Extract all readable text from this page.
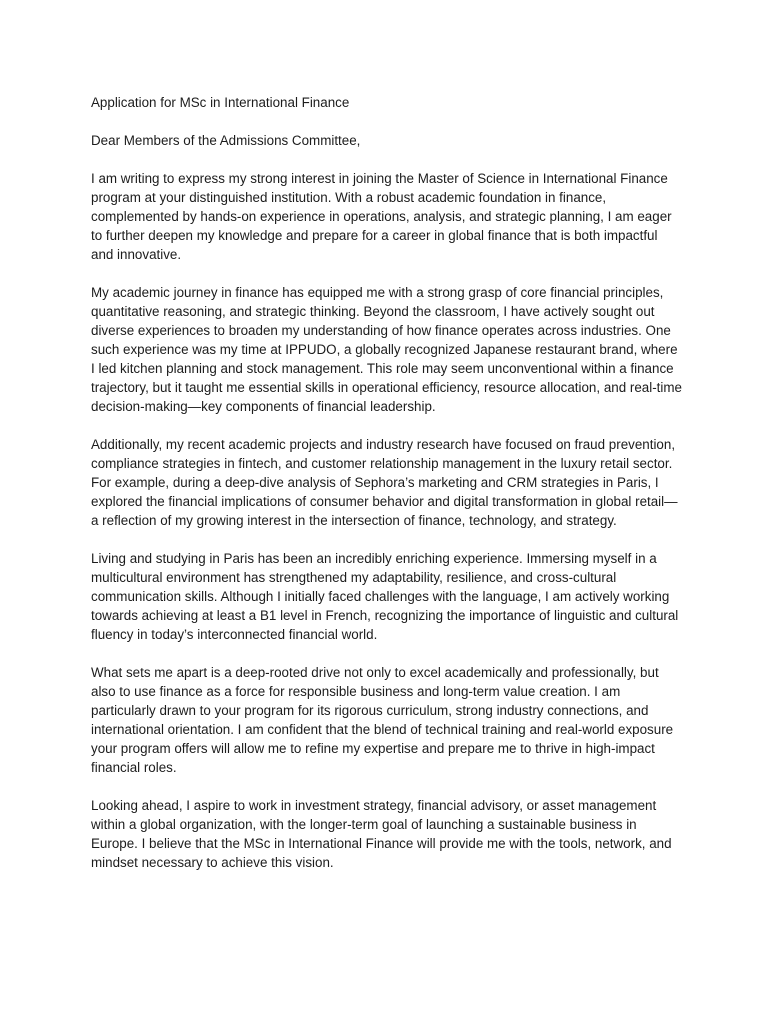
Application for MSc in International Finance

Dear Members of the Admissions Committee,

I am writing to express my strong interest in joining the Master of Science in International Finance program at your distinguished institution. With a robust academic foundation in finance, complemented by hands-on experience in operations, analysis, and strategic planning, I am eager to further deepen my knowledge and prepare for a career in global finance that is both impactful and innovative.

My academic journey in finance has equipped me with a strong grasp of core financial principles, quantitative reasoning, and strategic thinking. Beyond the classroom, I have actively sought out diverse experiences to broaden my understanding of how finance operates across industries. One such experience was my time at IPPUDO, a globally recognized Japanese restaurant brand, where I led kitchen planning and stock management. This role may seem unconventional within a finance trajectory, but it taught me essential skills in operational efficiency, resource allocation, and real-time decision-making—key components of financial leadership.

Additionally, my recent academic projects and industry research have focused on fraud prevention, compliance strategies in fintech, and customer relationship management in the luxury retail sector. For example, during a deep-dive analysis of Sephora’s marketing and CRM strategies in Paris, I explored the financial implications of consumer behavior and digital transformation in global retail—a reflection of my growing interest in the intersection of finance, technology, and strategy.

Living and studying in Paris has been an incredibly enriching experience. Immersing myself in a multicultural environment has strengthened my adaptability, resilience, and cross-cultural communication skills. Although I initially faced challenges with the language, I am actively working towards achieving at least a B1 level in French, recognizing the importance of linguistic and cultural fluency in today’s interconnected financial world.

What sets me apart is a deep-rooted drive not only to excel academically and professionally, but also to use finance as a force for responsible business and long-term value creation. I am particularly drawn to your program for its rigorous curriculum, strong industry connections, and international orientation. I am confident that the blend of technical training and real-world exposure your program offers will allow me to refine my expertise and prepare me to thrive in high-impact financial roles.

Looking ahead, I aspire to work in investment strategy, financial advisory, or asset management within a global organization, with the longer-term goal of launching a sustainable business in Europe. I believe that the MSc in International Finance will provide me with the tools, network, and mindset necessary to achieve this vision.
